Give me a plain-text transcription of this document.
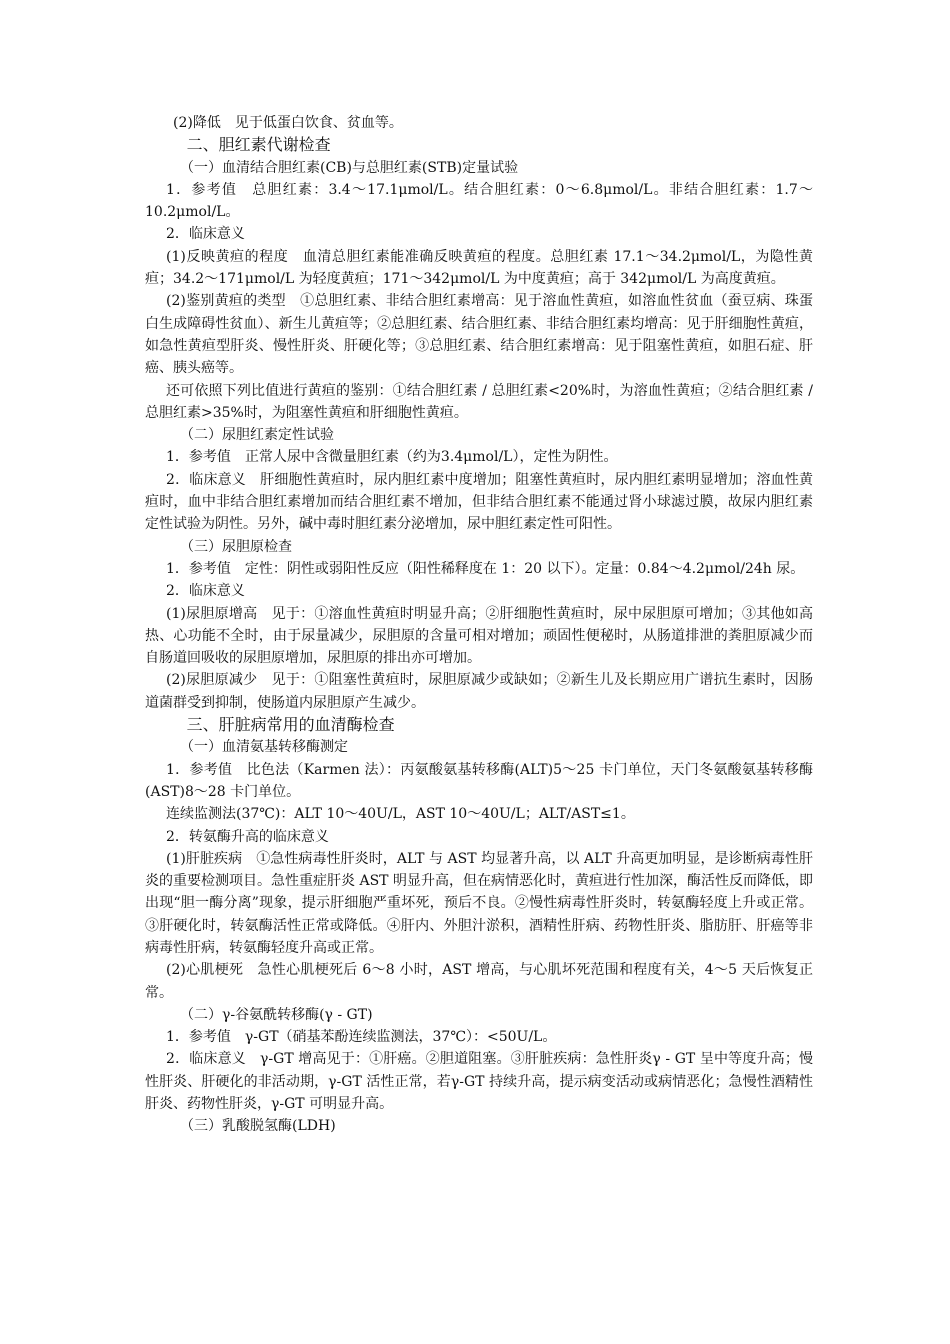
(2)降低　见于低蛋白饮食、贫血等。

二、胆红素代谢检查

（一）血清结合胆红素(CB)与总胆红素(STB)定量试验

1．参考值　总胆红素：3.4～17.1μmol/L。结合胆红素：0～6.8μmol/L。非结合胆红素：1.7～10.2μmol/L。

2．临床意义

(1)反映黄疸的程度　血清总胆红素能准确反映黄疸的程度。总胆红素 17.1～34.2μmol/L，为隐性黄疸；34.2～171μmol/L 为轻度黄疸；171～342μmol/L 为中度黄疸；高于 342μmol/L 为高度黄疸。

(2)鉴别黄疸的类型　①总胆红素、非结合胆红素增高：见于溶血性黄疸，如溶血性贫血（蚕豆病、珠蛋白生成障碍性贫血）、新生儿黄疸等；②总胆红素、结合胆红素、非结合胆红素均增高：见于肝细胞性黄疸，如急性黄疸型肝炎、慢性肝炎、肝硬化等；③总胆红素、结合胆红素增高：见于阻塞性黄疸，如胆石症、肝癌、胰头癌等。

还可依照下列比值进行黄疸的鉴别：①结合胆红素 / 总胆红素<20%时，为溶血性黄疸；②结合胆红素 / 总胆红素>35%时，为阻塞性黄疸和肝细胞性黄疸。

（二）尿胆红素定性试验

1．参考值　正常人尿中含微量胆红素（约为3.4μmol/L），定性为阴性。

2．临床意义　肝细胞性黄疸时，尿内胆红素中度增加；阻塞性黄疸时，尿内胆红素明显增加；溶血性黄疸时，血中非结合胆红素增加而结合胆红素不增加，但非结合胆红素不能通过肾小球滤过膜，故尿内胆红素定性试验为阴性。另外，碱中毒时胆红素分泌增加，尿中胆红素定性可阳性。

（三）尿胆原检查

1．参考值　定性：阴性或弱阳性反应（阳性稀释度在 1：20 以下）。定量：0.84～4.2μmol/24h 尿。

2．临床意义

(1)尿胆原增高　见于：①溶血性黄疸时明显升高；②肝细胞性黄疸时，尿中尿胆原可增加；③其他如高热、心功能不全时，由于尿量减少，尿胆原的含量可相对增加；顽固性便秘时，从肠道排泄的粪胆原减少而自肠道回吸收的尿胆原增加，尿胆原的排出亦可增加。

(2)尿胆原减少　见于：①阻塞性黄疸时，尿胆原减少或缺如；②新生儿及长期应用广谱抗生素时，因肠道菌群受到抑制，使肠道内尿胆原产生减少。

三、肝脏病常用的血清酶检查

（一）血清氨基转移酶测定

1．参考值　比色法（Karmen 法）：丙氨酸氨基转移酶(ALT)5～25 卡门单位，天门冬氨酸氨基转移酶(AST)8～28 卡门单位。

连续监测法(37℃)：ALT 10～40U/L，AST 10～40U/L；ALT/AST≤1。

2．转氨酶升高的临床意义

(1)肝脏疾病　①急性病毒性肝炎时，ALT 与 AST 均显著升高，以 ALT 升高更加明显，是诊断病毒性肝炎的重要检测项目。急性重症肝炎 AST 明显升高，但在病情恶化时，黄疸进行性加深，酶活性反而降低，即出现“胆一酶分离”现象，提示肝细胞严重坏死，预后不良。②慢性病毒性肝炎时，转氨酶轻度上升或正常。③肝硬化时，转氨酶活性正常或降低。④肝内、外胆汁淤积，酒精性肝病、药物性肝炎、脂肪肝、肝癌等非病毒性肝病，转氨酶轻度升高或正常。

(2)心肌梗死　急性心肌梗死后 6～8 小时，AST 增高，与心肌坏死范围和程度有关，4～5 天后恢复正常。

（二）γ-谷氨酰转移酶(γ - GT)

1．参考值　γ-GT（硝基苯酚连续监测法，37℃）：<50U/L。

2．临床意义　γ-GT 增高见于：①肝癌。②胆道阻塞。③肝脏疾病：急性肝炎γ - GT 呈中等度升高；慢性肝炎、肝硬化的非活动期，γ-GT 活性正常，若γ-GT 持续升高，提示病变活动或病情恶化；急慢性酒精性肝炎、药物性肝炎，γ-GT 可明显升高。

（三）乳酸脱氢酶(LDH)
